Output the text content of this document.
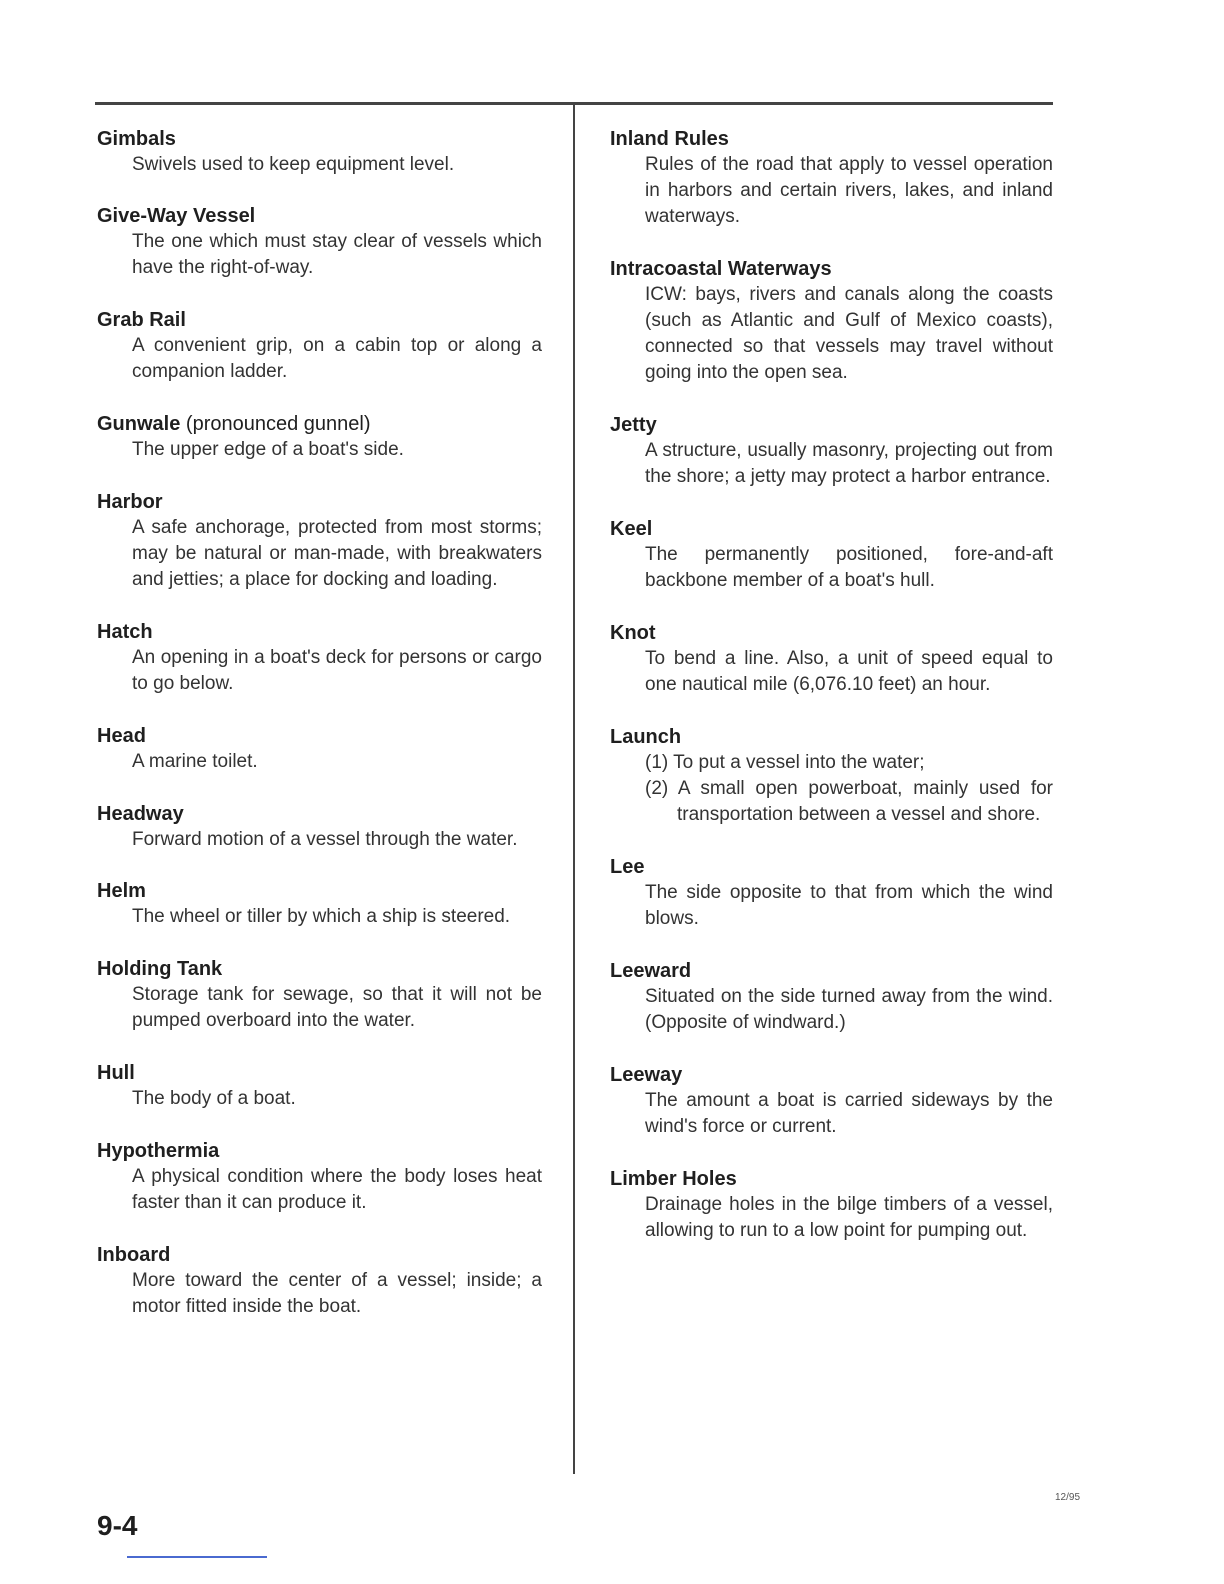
Gimbals
Swivels used to keep equipment level.
Give-Way Vessel
The one which must stay clear of vessels which have the right-of-way.
Grab Rail
A convenient grip, on a cabin top or along a companion ladder.
Gunwale (pronounced gunnel)
The upper edge of a boat's side.
Harbor
A safe anchorage, protected from most storms; may be natural or man-made, with breakwaters and jetties; a place for docking and loading.
Hatch
An opening in a boat's deck for persons or cargo to go below.
Head
A marine toilet.
Headway
Forward motion of a vessel through the water.
Helm
The wheel or tiller by which a ship is steered.
Holding Tank
Storage tank for sewage, so that it will not be pumped overboard into the water.
Hull
The body of a boat.
Hypothermia
A physical condition where the body loses heat faster than it can produce it.
Inboard
More toward the center of a vessel; inside; a motor fitted inside the boat.
Inland Rules
Rules of the road that apply to vessel operation in harbors and certain rivers, lakes, and inland waterways.
Intracoastal Waterways
ICW: bays, rivers and canals along the coasts (such as Atlantic and Gulf of Mexico coasts), connected so that vessels may travel without going into the open sea.
Jetty
A structure, usually masonry, projecting out from the shore; a jetty may protect a harbor entrance.
Keel
The permanently positioned, fore-and-aft backbone member of a boat's hull.
Knot
To bend a line. Also, a unit of speed equal to one nautical mile (6,076.10 feet) an hour.
Launch
(1) To put a vessel into the water;
(2) A small open powerboat, mainly used for transportation between a vessel and shore.
Lee
The side opposite to that from which the wind blows.
Leeward
Situated on the side turned away from the wind. (Opposite of windward.)
Leeway
The amount a boat is carried sideways by the wind's force or current.
Limber Holes
Drainage holes in the bilge timbers of a vessel, allowing to run to a low point for pumping out.
9-4
12/95
